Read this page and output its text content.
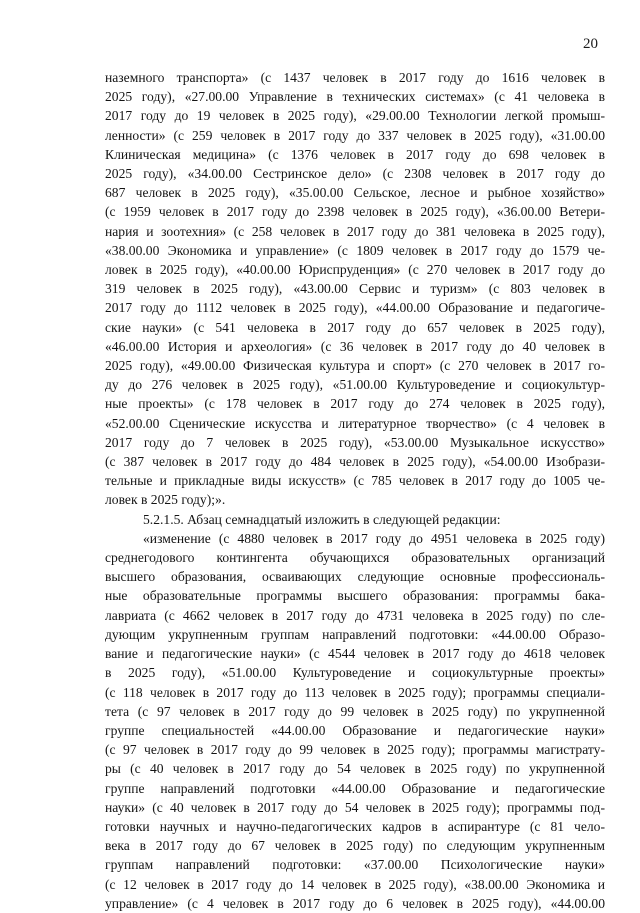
20
наземного транспорта» (с 1437 человек в 2017 году до 1616 человек в
2025 году), «27.00.00 Управление в технических системах» (с 41 человека в
2017 году до 19 человек в 2025 году), «29.00.00 Технологии легкой промыш-
ленности» (с 259 человек в 2017 году до 337 человек в 2025 году), «31.00.00
Клиническая медицина» (с 1376 человек в 2017 году до 698 человек в
2025 году), «34.00.00 Сестринское дело» (с 2308 человек в 2017 году до
687 человек в 2025 году), «35.00.00 Сельское, лесное и рыбное хозяйство»
(с 1959 человек в 2017 году до 2398 человек в 2025 году), «36.00.00 Ветери-
нария и зоотехния» (с 258 человек в 2017 году до 381 человека в 2025 году),
«38.00.00 Экономика и управление» (с 1809 человек в 2017 году до 1579 че-
ловек в 2025 году), «40.00.00 Юриспруденция» (с 270 человек в 2017 году до
319 человек в 2025 году), «43.00.00 Сервис и туризм» (с 803 человек в
2017 году до 1112 человек в 2025 году), «44.00.00 Образование и педагогиче-
ские науки» (с 541 человека в 2017 году до 657 человек в 2025 году),
«46.00.00 История и археология» (с 36 человек в 2017 году до 40 человек в
2025 году), «49.00.00 Физическая культура и спорт» (с 270 человек в 2017 го-
ду до 276 человек в 2025 году), «51.00.00 Культуроведение и социокультур-
ные проекты» (с 178 человек в 2017 году до 274 человек в 2025 году),
«52.00.00 Сценические искусства и литературное творчество» (с 4 человек в
2017 году до 7 человек в 2025 году), «53.00.00 Музыкальное искусство»
(с 387 человек в 2017 году до 484 человек в 2025 году), «54.00.00 Изобрази-
тельные и прикладные виды искусств» (с 785 человек в 2017 году до 1005 че-
ловек в 2025 году);».
5.2.1.5. Абзац семнадцатый изложить в следующей редакции:
«изменение (с 4880 человек в 2017 году до 4951 человека в 2025 году)
среднегодового контингента обучающихся образовательных организаций
высшего образования, осваивающих следующие основные профессиональ-
ные образовательные программы высшего образования: программы бака-
лавриата (с 4662 человек в 2017 году до 4731 человека в 2025 году) по сле-
дующим укрупненным группам направлений подготовки: «44.00.00 Образо-
вание и педагогические науки» (с 4544 человек в 2017 году до 4618 человек
в 2025 году), «51.00.00 Культуроведение и социокультурные проекты»
(с 118 человек в 2017 году до 113 человек в 2025 году); программы специали-
тета (с 97 человек в 2017 году до 99 человек в 2025 году) по укрупненной
группе специальностей «44.00.00 Образование и педагогические науки»
(с 97 человек в 2017 году до 99 человек в 2025 году); программы магистрату-
ры (с 40 человек в 2017 году до 54 человек в 2025 году) по укрупненной
группе направлений подготовки «44.00.00 Образование и педагогические
науки» (с 40 человек в 2017 году до 54 человек в 2025 году); программы под-
готовки научных и научно-педагогических кадров в аспирантуре (с 81 чело-
века в 2017 году до 67 человек в 2025 году) по следующим укрупненным
группам направлений подготовки: «37.00.00 Психологические науки»
(с 12 человек в 2017 году до 14 человек в 2025 году), «38.00.00 Экономика и
управление» (с 4 человек в 2017 году до 6 человек в 2025 году), «44.00.00
